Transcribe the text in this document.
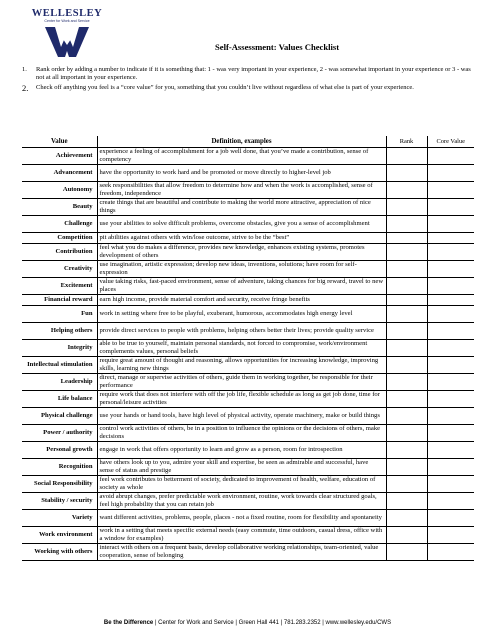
WELLESLEY
Center for Work and Service
Self-Assessment: Values Checklist
1.	Rank order by adding a number to indicate if it is something that: 1 - was very important in your experience, 2 - was somewhat important in your experience or 3 - was not at all important in your experience.
2.	Check off anything you feel is a “core value” for you, something that you couldn’t live without regardless of what else is part of your experience.
Value	Definition, examples	Rank	Core Value
Achievement	experience a feeling of accomplishment for a job well done, that you’ve made a contribution, sense of competency		
Advancement	have the opportunity to work hard and be promoted or move directly to higher-level job		
Autonomy	seek responsibilities that allow freedom to determine how and when the work is accomplished, sense of freedom, independence		
Beauty	create things that are beautiful and contribute to making the world more attractive, appreciation of nice things		
Challenge	use your abilities to solve difficult problems, overcome obstacles, give you a sense of accomplishment		
Competition	pit abilities against others with win/lose outcome, strive to be the “best”		
Contribution	feel what you do makes a difference, provides new knowledge, enhances existing systems, promotes development of others		
Creativity	use imagination, artistic expression; develop new ideas, inventions, solutions; have room for self-expression		
Excitement	value taking risks, fast-paced environment, sense of adventure, taking chances for big reward, travel to new places		
Financial reward	earn high income, provide material comfort and security, receive fringe benefits		
Fun	work in setting where free to be playful, exuberant, humorous, accommodates high energy level		
Helping others	provide direct services to people with problems, helping others better their lives; provide quality service		
Integrity	able to be true to yourself, maintain personal standards, not forced to compromise, work/environment complements values, personal beliefs		
Intellectual stimulation	require great amount of thought and reasoning, allows opportunities for increasing knowledge, improving skills, learning new things		
Leadership	direct, manage or supervise activities of others, guide them in working together, be responsible for their performance		
Life balance	require work that does not interfere with off the job life, flexible schedule as long as get job done, time for personal/leisure activities		
Physical challenge	use your hands or hand tools, have high level of physical activity, operate machinery, make or build things		
Power / authority	control work activities of others, be in a position to influence the opinions or the decisions of others, make decisions		
Personal growth	engage in work that offers opportunity to learn and grow as a person, room for introspection		
Recognition	have others look up to you, admire your skill and expertise, be seen as admirable and successful, have sense of status and prestige		
Social Responsibility	feel work contributes to betterment of society, dedicated to improvement of health, welfare, education of society as whole		
Stability / security	avoid abrupt changes, prefer predictable work environment, routine, work towards clear structured goals, feel high probability that you can retain job		
Variety	want different activities, problems, people, places - not a fixed routine, room for flexibility and spontaneity		
Work environment	work in a setting that meets specific external needs (easy commute, time outdoors, casual dress, office with a window for examples)		
Working with others	interact with others on a frequent basis, develop collaborative working relationships, team-oriented, value cooperation, sense of belonging		
Be the Difference | Center for Work and Service | Green Hall 441 | 781.283.2352 | www.wellesley.edu/CWS
